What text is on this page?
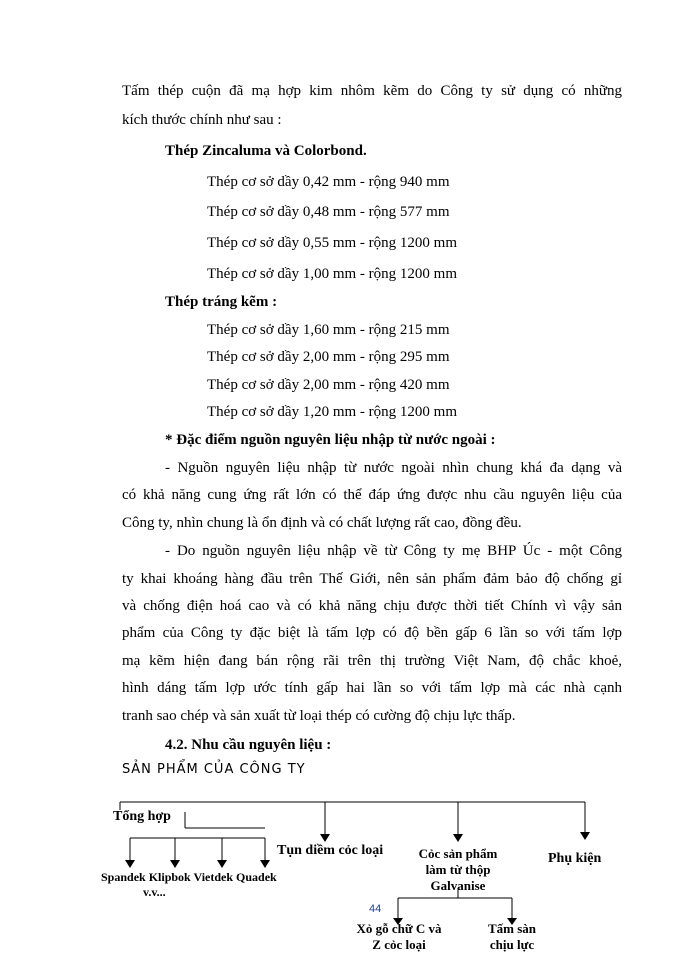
Tấm thép cuộn đã mạ hợp kim nhôm kẽm do Công ty sử dụng có những
kích thước chính như sau :
Thép Zincaluma và Colorbond.
Thép cơ sở dầy 0,42 mm - rộng 940 mm
Thép cơ sở dầy 0,48 mm - rộng 577 mm
Thép cơ sở dầy 0,55 mm - rộng 1200 mm
Thép cơ sở dầy 1,00 mm - rộng 1200 mm
Thép tráng kẽm :
Thép cơ sở dầy 1,60 mm - rộng 215 mm
Thép cơ sở dầy 2,00 mm - rộng 295 mm
Thép cơ sở dầy 2,00 mm - rộng 420 mm
Thép cơ sở dầy 1,20 mm - rộng 1200 mm
* Đặc điểm nguồn nguyên liệu nhập từ nước ngoài :
- Nguồn nguyên liệu nhập từ nước ngoài nhìn chung khá đa dạng và
có khả năng cung ứng rất lớn có thể đáp ứng được nhu cầu nguyên liệu của
Công ty, nhìn chung là ổn định và có chất lượng rất cao, đồng đều.
- Do nguồn nguyên liệu nhập về từ Công ty mẹ BHP Úc - một Công
ty khai khoáng hàng đầu trên Thế Giới, nên sản phẩm đảm bảo độ chống gỉ
và chống điện hoá cao và có khả năng chịu được thời tiết Chính vì vậy sản
phẩm của Công ty đặc biệt là tấm lợp có độ bền gấp 6 lần so với tấm lợp
mạ kẽm hiện đang bán rộng rãi trên thị trường Việt Nam, độ chắc khoẻ,
hình dáng tấm lợp ước tính gấp hai lần so với tấm lợp mà các nhà cạnh
tranh sao chép và sản xuất từ loại thép có cường độ chịu lực thấp.
4.2. Nhu cầu nguyên liệu :
SẢN PHẨM CỦA CÔNG TY
Tổng hợp
Tụn diềm cỏc loại	Cỏc sản phẩm
làm từ thộp
Galvanise
Phụ kiện
Spandek Klipbok Vietdek Quadek
v.v...
Xỏ gỗ chữ C và
Z cỏc loại
Tấm sàn
chịu lực
44
